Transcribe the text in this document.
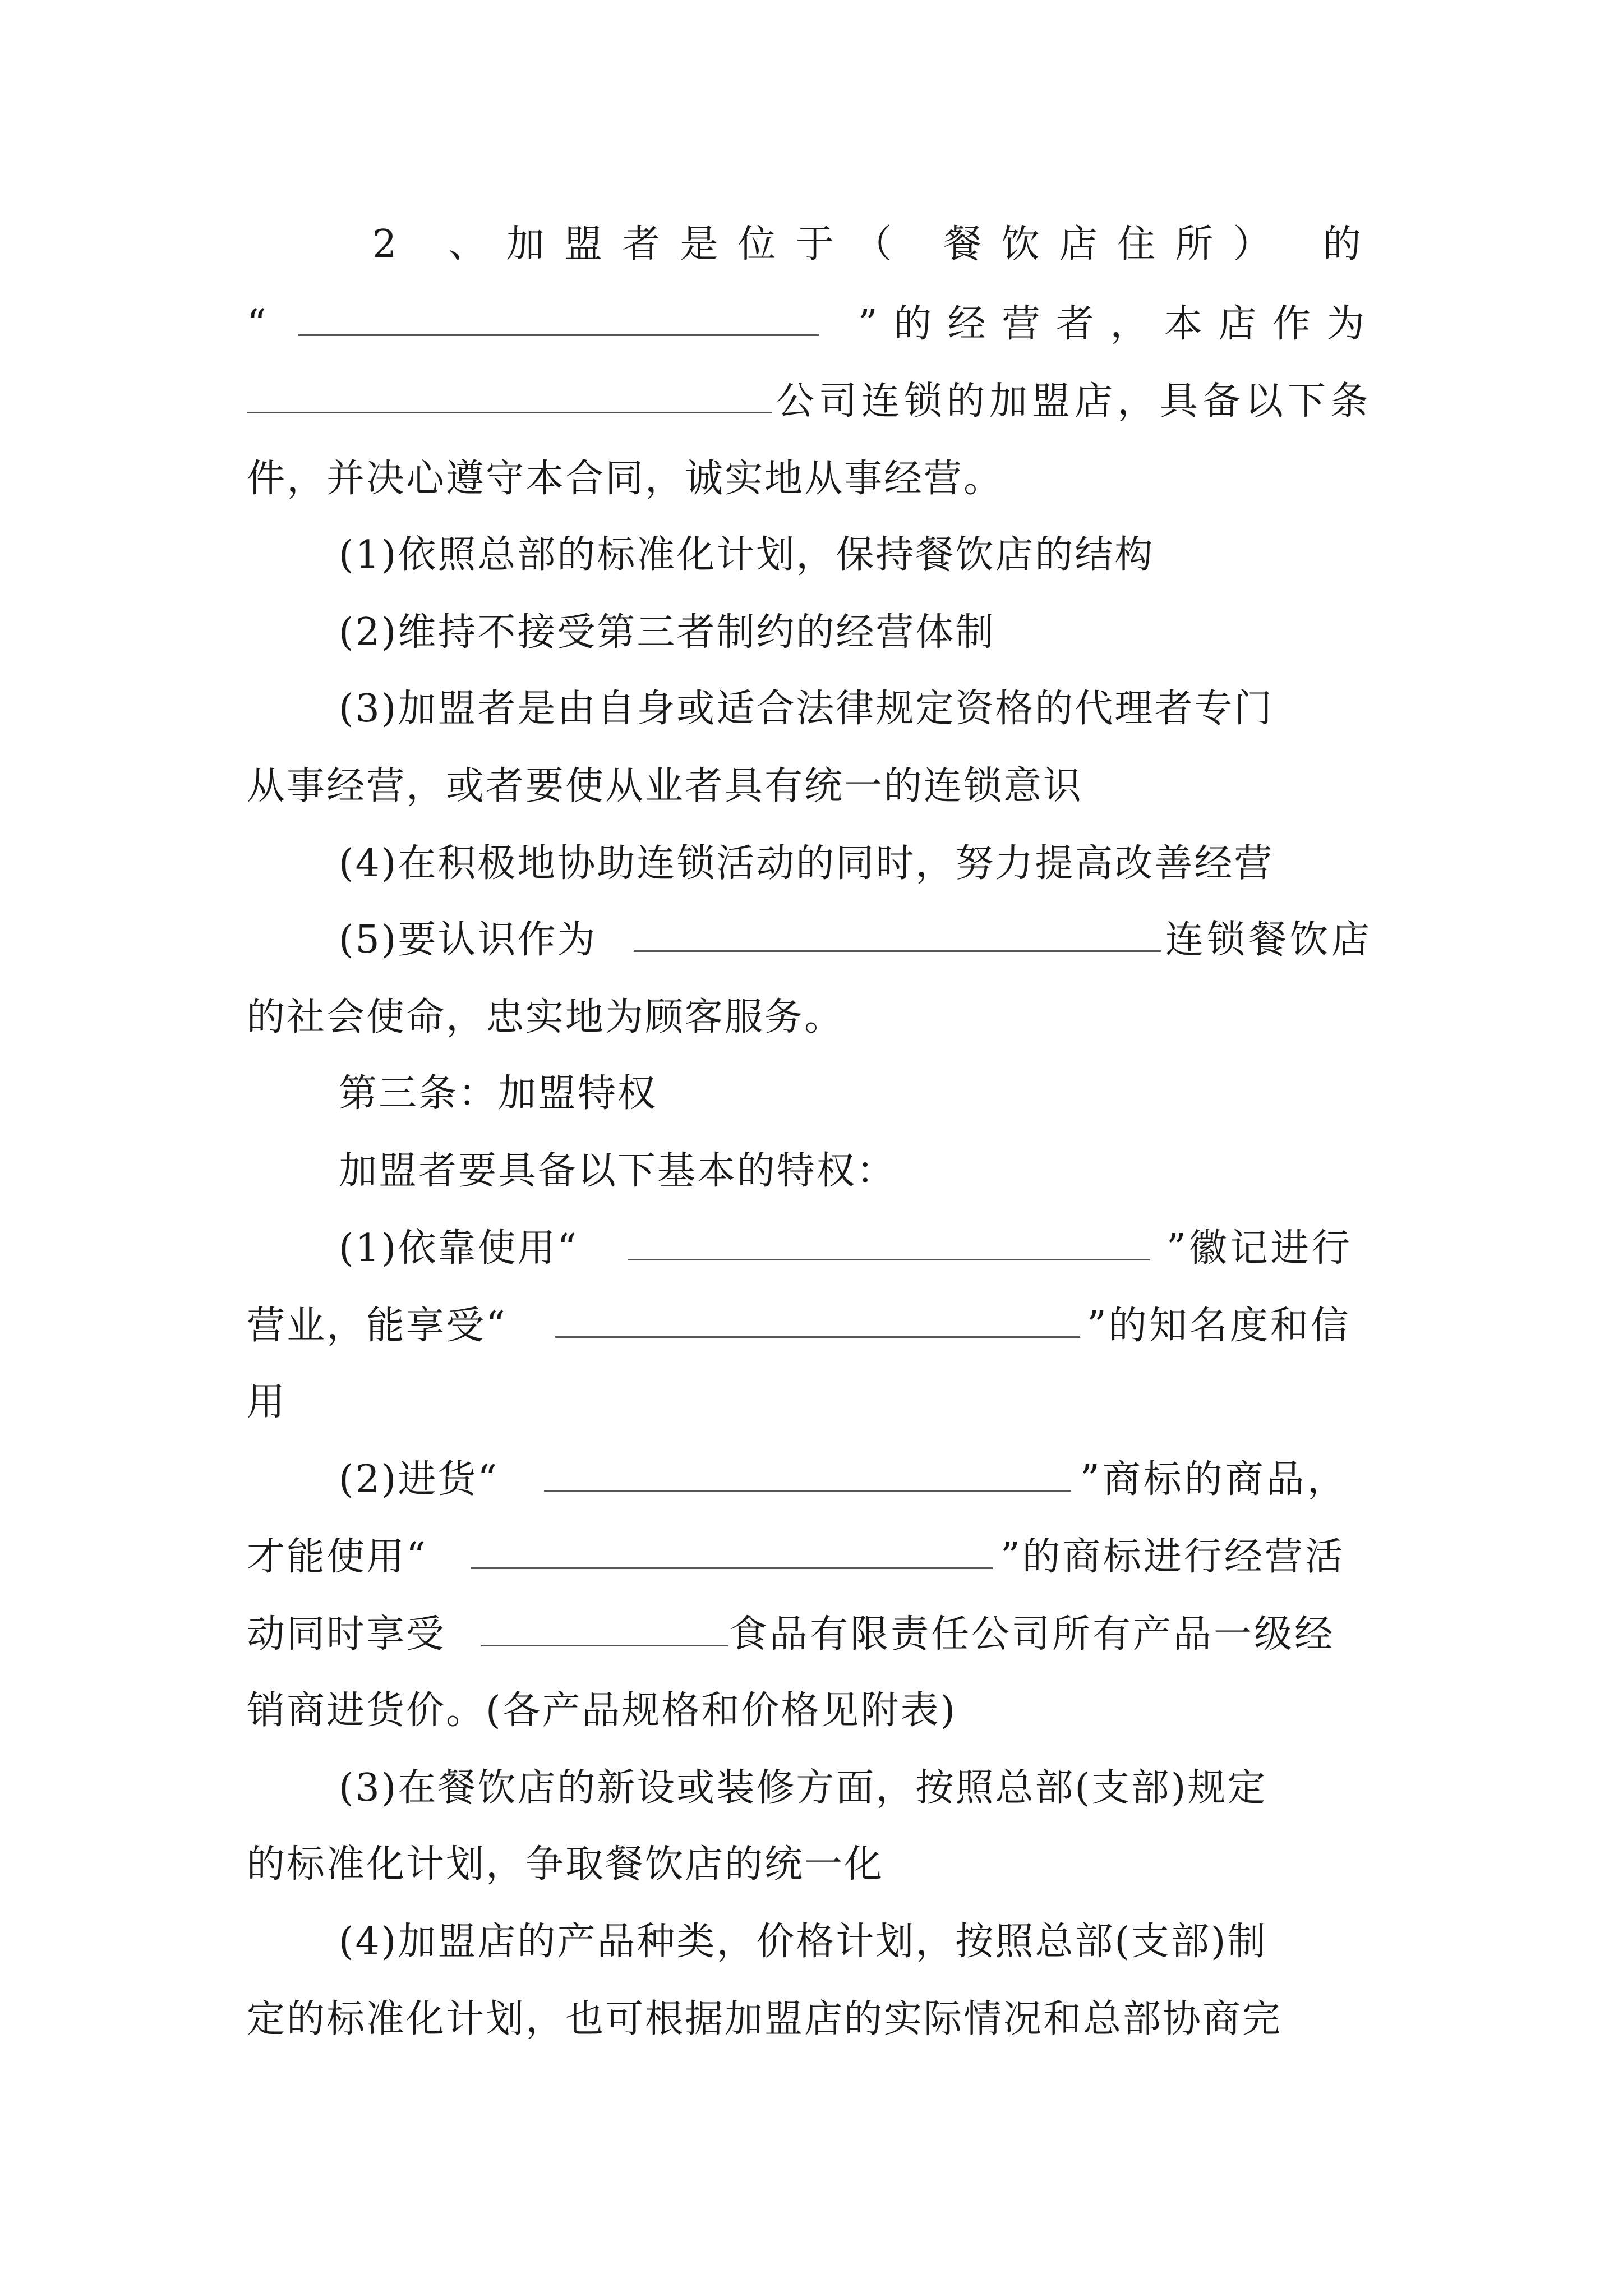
2 、加盟者是位于（ 餐饮店住所） 的
“	”的经营者，本店作为
公司连锁的加盟店，具备以下条
件，并决心遵守本合同，诚实地从事经营。
(1)依照总部的标准化计划，保持餐饮店的结构
(2)维持不接受第三者制约的经营体制
(3)加盟者是由自身或适合法律规定资格的代理者专门
从事经营，或者要使从业者具有统一的连锁意识
(4)在积极地协助连锁活动的同时，努力提高改善经营
(5)要认识作为	连锁餐饮店
的社会使命，忠实地为顾客服务。
第三条：加盟特权
加盟者要具备以下基本的特权：
(1)依靠使用“	”徽记进行
营业，能享受“	”的知名度和信
用
(2)进货“	”商标的商品，
才能使用“	”的商标进行经营活
动同时享受	食品有限责任公司所有产品一级经
销商进货价。(各产品规格和价格见附表)
(3)在餐饮店的新设或装修方面，按照总部(支部)规定
的标准化计划，争取餐饮店的统一化
(4)加盟店的产品种类，价格计划，按照总部(支部)制
定的标准化计划，也可根据加盟店的实际情况和总部协商完
